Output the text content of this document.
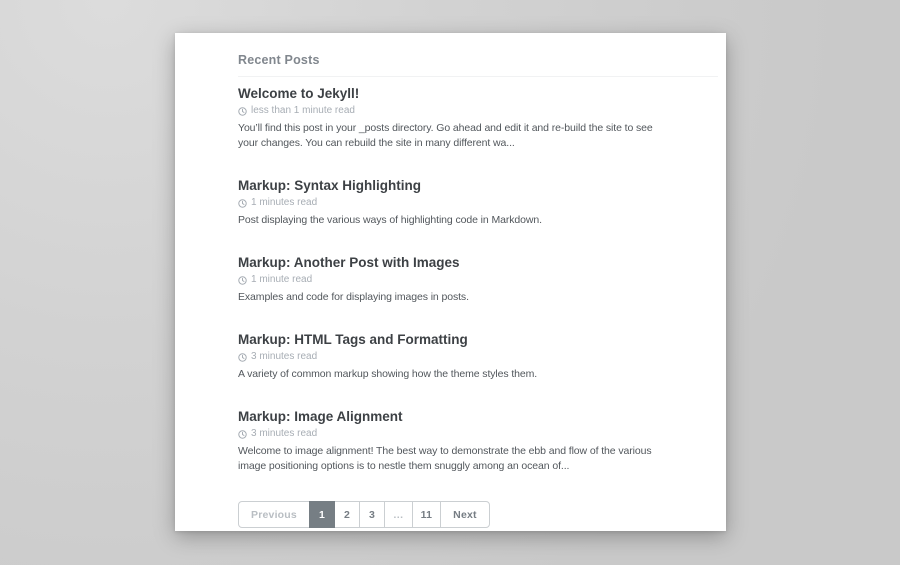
Recent Posts
Welcome to Jekyll!
less than 1 minute read

You’ll find this post in your _posts directory. Go ahead and edit it and re-build the site to see your changes. You can rebuild the site in many different wa...

Markup: Syntax Highlighting
1 minutes read

Post displaying the various ways of highlighting code in Markdown.

Markup: Another Post with Images
1 minute read

Examples and code for displaying images in posts.

Markup: HTML Tags and Formatting
3 minutes read

A variety of common markup showing how the theme styles them.

Markup: Image Alignment
3 minutes read

Welcome to image alignment! The best way to demonstrate the ebb and flow of the various image positioning options is to nestle them snuggly among an ocean of...

Previous	1	2	3	…	11	Next
